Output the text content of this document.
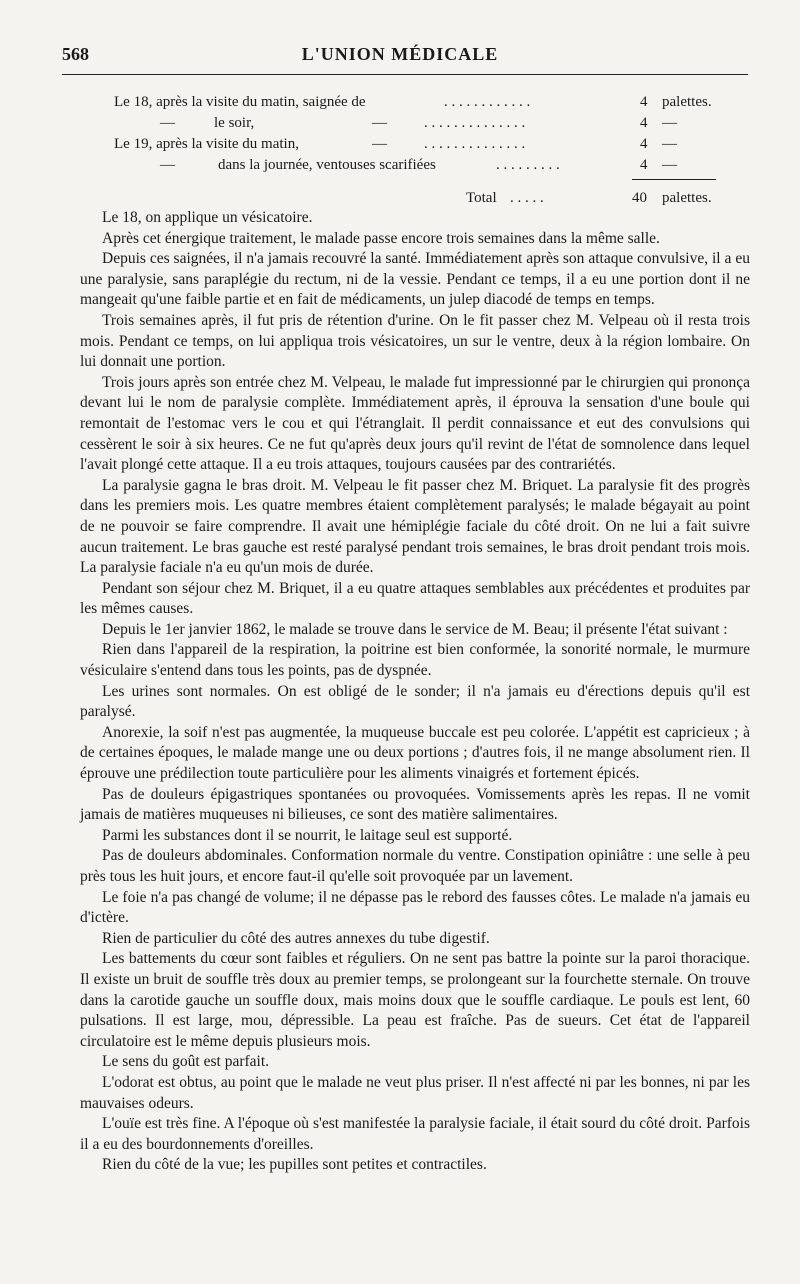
568	L'UNION MÉDICALE
Le 18, après la visite du matin, saignée de	. . . . . . . . . . . .	4 palettes.
—	le soir,	— . . . . . . . . . . . . . .	4 —
Le 19, après la visite du matin,	— . . . . . . . . . . . . . .	4 —
—	dans la journée, ventouses scarifiées	. . . . . . . . .	4 —
Total . . . . .	40 palettes.

Le 18, on applique un vésicatoire.

Après cet énergique traitement, le malade passe encore trois semaines dans la même salle.

Depuis ces saignées, il n'a jamais recouvré la santé. Immédiatement après son attaque convulsive, il a eu une paralysie, sans paraplégie du rectum, ni de la vessie. Pendant ce temps, il a eu une portion dont il ne mangeait qu'une faible partie et en fait de médicaments, un julep diacodé de temps en temps.

Trois semaines après, il fut pris de rétention d'urine. On le fit passer chez M. Velpeau où il resta trois mois. Pendant ce temps, on lui appliqua trois vésicatoires, un sur le ventre, deux à la région lombaire. On lui donnait une portion.

Trois jours après son entrée chez M. Velpeau, le malade fut impressionné par le chirurgien qui prononça devant lui le nom de paralysie complète. Immédiatement après, il éprouva la sensation d'une boule qui remontait de l'estomac vers le cou et qui l'étranglait. Il perdit connaissance et eut des convulsions qui cessèrent le soir à six heures. Ce ne fut qu'après deux jours qu'il revint de l'état de somnolence dans lequel l'avait plongé cette attaque. Il a eu trois attaques, toujours causées par des contrariétés.

La paralysie gagna le bras droit. M. Velpeau le fit passer chez M. Briquet. La paralysie fit des progrès dans les premiers mois. Les quatre membres étaient complètement paralysés; le malade bégayait au point de ne pouvoir se faire comprendre. Il avait une hémiplégie faciale du côté droit. On ne lui a fait suivre aucun traitement. Le bras gauche est resté paralysé pendant trois semaines, le bras droit pendant trois mois. La paralysie faciale n'a eu qu'un mois de durée.

Pendant son séjour chez M. Briquet, il a eu quatre attaques semblables aux précédentes et produites par les mêmes causes.

Depuis le 1er janvier 1862, le malade se trouve dans le service de M. Beau; il présente l'état suivant :

Rien dans l'appareil de la respiration, la poitrine est bien conformée, la sonorité normale, le murmure vésiculaire s'entend dans tous les points, pas de dyspnée.

Les urines sont normales. On est obligé de le sonder; il n'a jamais eu d'érections depuis qu'il est paralysé.

Anorexie, la soif n'est pas augmentée, la muqueuse buccale est peu colorée. L'appétit est capricieux ; à de certaines époques, le malade mange une ou deux portions ; d'autres fois, il ne mange absolument rien. Il éprouve une prédilection toute particulière pour les aliments vinaigrés et fortement épicés.

Pas de douleurs épigastriques spontanées ou provoquées. Vomissements après les repas. Il ne vomit jamais de matières muqueuses ni bilieuses, ce sont des matière salimentaires.

Parmi les substances dont il se nourrit, le laitage seul est supporté.

Pas de douleurs abdominales. Conformation normale du ventre. Constipation opiniâtre : une selle à peu près tous les huit jours, et encore faut-il qu'elle soit provoquée par un lavement.

Le foie n'a pas changé de volume; il ne dépasse pas le rebord des fausses côtes. Le malade n'a jamais eu d'ictère.

Rien de particulier du côté des autres annexes du tube digestif.

Les battements du cœur sont faibles et réguliers. On ne sent pas battre la pointe sur la paroi thoracique. Il existe un bruit de souffle très doux au premier temps, se prolongeant sur la fourchette sternale. On trouve dans la carotide gauche un souffle doux, mais moins doux que le souffle cardiaque. Le pouls est lent, 60 pulsations. Il est large, mou, dépressible. La peau est fraîche. Pas de sueurs. Cet état de l'appareil circulatoire est le même depuis plusieurs mois.

Le sens du goût est parfait.

L'odorat est obtus, au point que le malade ne veut plus priser. Il n'est affecté ni par les bonnes, ni par les mauvaises odeurs.

L'ouïe est très fine. A l'époque où s'est manifestée la paralysie faciale, il était sourd du côté droit. Parfois il a eu des bourdonnements d'oreilles.

Rien du côté de la vue; les pupilles sont petites et contractiles.
